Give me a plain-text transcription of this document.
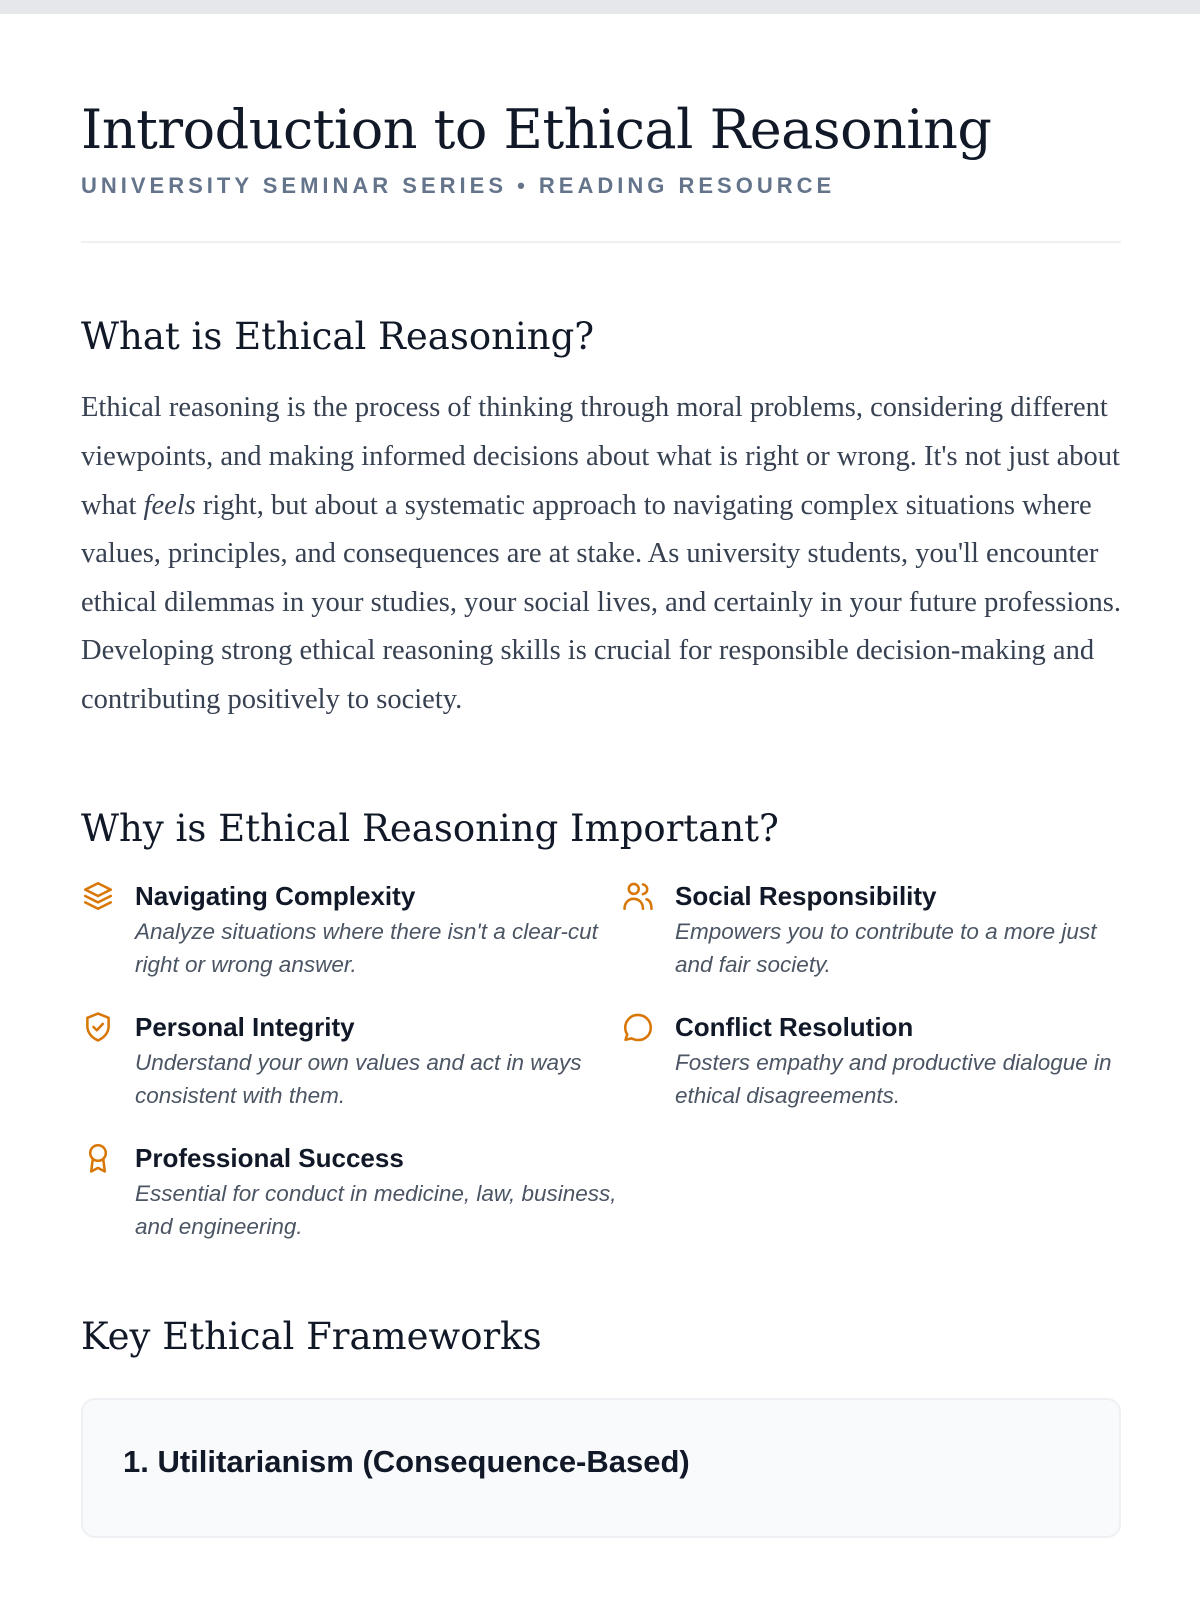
Introduction to Ethical Reasoning
UNIVERSITY SEMINAR SERIES • READING RESOURCE
What is Ethical Reasoning?

Ethical reasoning is the process of thinking through moral problems, considering different viewpoints, and making informed decisions about what is right or wrong. It's not just about what feels right, but about a systematic approach to navigating complex situations where values, principles, and consequences are at stake. As university students, you'll encounter ethical dilemmas in your studies, your social lives, and certainly in your future professions. Developing strong ethical reasoning skills is crucial for responsible decision-making and contributing positively to society.

Why is Ethical Reasoning Important?
Navigating Complexity
Analyze situations where there isn't a clear-cut right or wrong answer.
Social Responsibility
Empowers you to contribute to a more just and fair society.
Personal Integrity
Understand your own values and act in ways consistent with them.
Conflict Resolution
Fosters empathy and productive dialogue in ethical disagreements.
Professional Success
Essential for conduct in medicine, law, business, and engineering.
Key Ethical Frameworks
1. Utilitarianism (Consequence-Based)
